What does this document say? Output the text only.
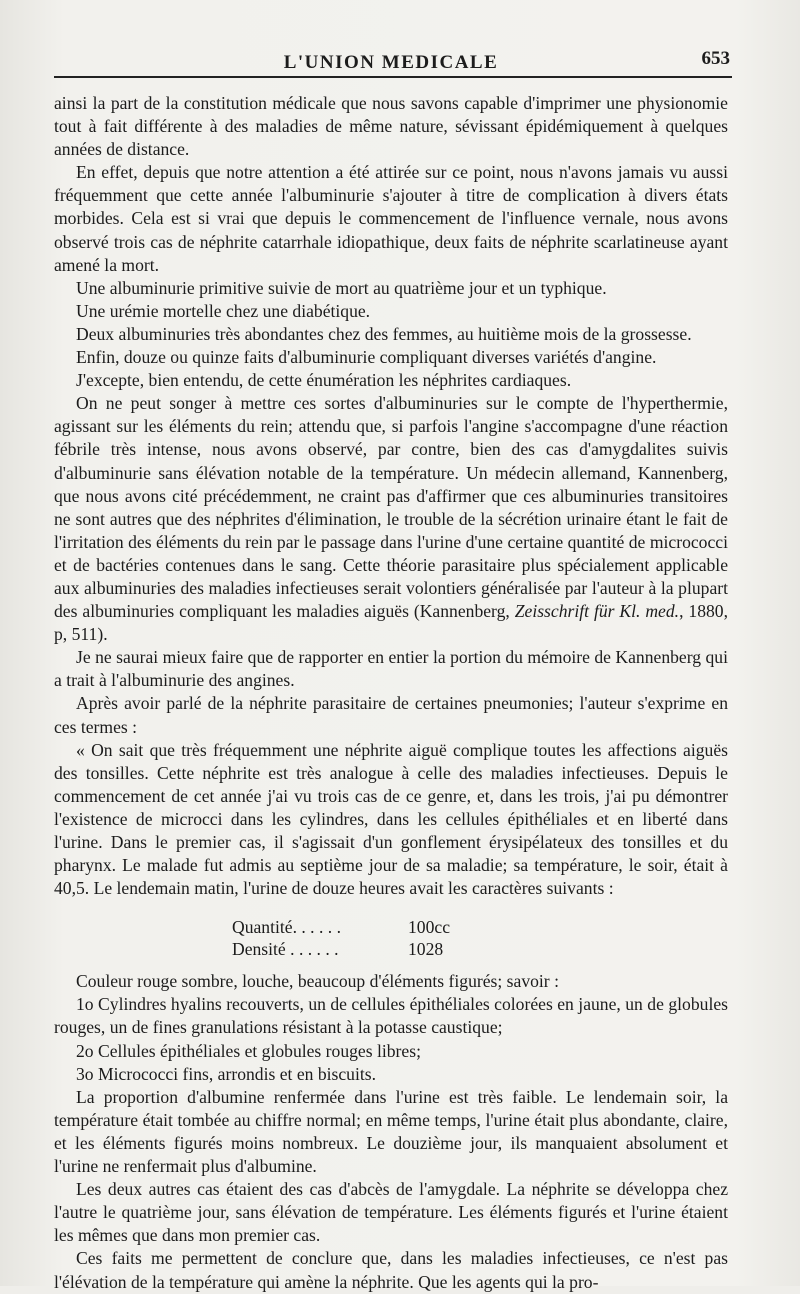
L'UNION MEDICALE	653

ainsi la part de la constitution médicale que nous savons capable d'imprimer une physionomie tout à fait différente à des maladies de même nature, sévissant épidémiquement à quelques années de distance.

En effet, depuis que notre attention a été attirée sur ce point, nous n'avons jamais vu aussi fréquemment que cette année l'albuminurie s'ajouter à titre de complication à divers états morbides. Cela est si vrai que depuis le commencement de l'influence vernale, nous avons observé trois cas de néphrite catarrhale idiopathique, deux faits de néphrite scarlatineuse ayant amené la mort.

Une albuminurie primitive suivie de mort au quatrième jour et un typhique.

Une urémie mortelle chez une diabétique.

Deux albuminuries très abondantes chez des femmes, au huitième mois de la grossesse.

Enfin, douze ou quinze faits d'albuminurie compliquant diverses variétés d'angine.

J'excepte, bien entendu, de cette énumération les néphrites cardiaques.

On ne peut songer à mettre ces sortes d'albuminuries sur le compte de l'hyperthermie, agissant sur les éléments du rein; attendu que, si parfois l'angine s'accompagne d'une réaction fébrile très intense, nous avons observé, par contre, bien des cas d'amygdalites suivis d'albuminurie sans élévation notable de la température. Un médecin allemand, Kannenberg, que nous avons cité précédemment, ne craint pas d'affirmer que ces albuminuries transitoires ne sont autres que des néphrites d'élimination, le trouble de la sécrétion urinaire étant le fait de l'irritation des éléments du rein par le passage dans l'urine d'une certaine quantité de micrococci et de bactéries contenues dans le sang. Cette théorie parasitaire plus spécialement applicable aux albuminuries des maladies infectieuses serait volontiers généralisée par l'auteur à la plupart des albuminuries compliquant les maladies aiguës (Kannenberg, Zeisschrift für Kl. med., 1880, p, 511).

Je ne saurai mieux faire que de rapporter en entier la portion du mémoire de Kannenberg qui a trait à l'albuminurie des angines.

Après avoir parlé de la néphrite parasitaire de certaines pneumonies; l'auteur s'exprime en ces termes :

« On sait que très fréquemment une néphrite aiguë complique toutes les affections aiguës des tonsilles. Cette néphrite est très analogue à celle des maladies infectieuses. Depuis le commencement de cet année j'ai vu trois cas de ce genre, et, dans les trois, j'ai pu démontrer l'existence de microcci dans les cylindres, dans les cellules épithéliales et en liberté dans l'urine. Dans le premier cas, il s'agissait d'un gonflement érysipélateux des tonsilles et du pharynx. Le malade fut admis au septième jour de sa maladie; sa température, le soir, était à 40,5. Le lendemain matin, l'urine de douze heures avait les caractères suivants :

Quantité. . . . . .	100cc
Densité . . . . . .	1028

Couleur rouge sombre, louche, beaucoup d'éléments figurés; savoir :

1o Cylindres hyalins recouverts, un de cellules épithéliales colorées en jaune, un de globules rouges, un de fines granulations résistant à la potasse caustique;

2o Cellules épithéliales et globules rouges libres;

3o Micrococci fins, arrondis et en biscuits.

La proportion d'albumine renfermée dans l'urine est très faible. Le lendemain soir, la température était tombée au chiffre normal; en même temps, l'urine était plus abondante, claire, et les éléments figurés moins nombreux. Le douzième jour, ils manquaient absolument et l'urine ne renfermait plus d'albumine.

Les deux autres cas étaient des cas d'abcès de l'amygdale. La néphrite se développa chez l'autre le quatrième jour, sans élévation de température. Les éléments figurés et l'urine étaient les mêmes que dans mon premier cas.

Ces faits me permettent de conclure que, dans les maladies infectieuses, ce n'est pas l'élévation de la température qui amène la néphrite. Que les agents qui la pro-
